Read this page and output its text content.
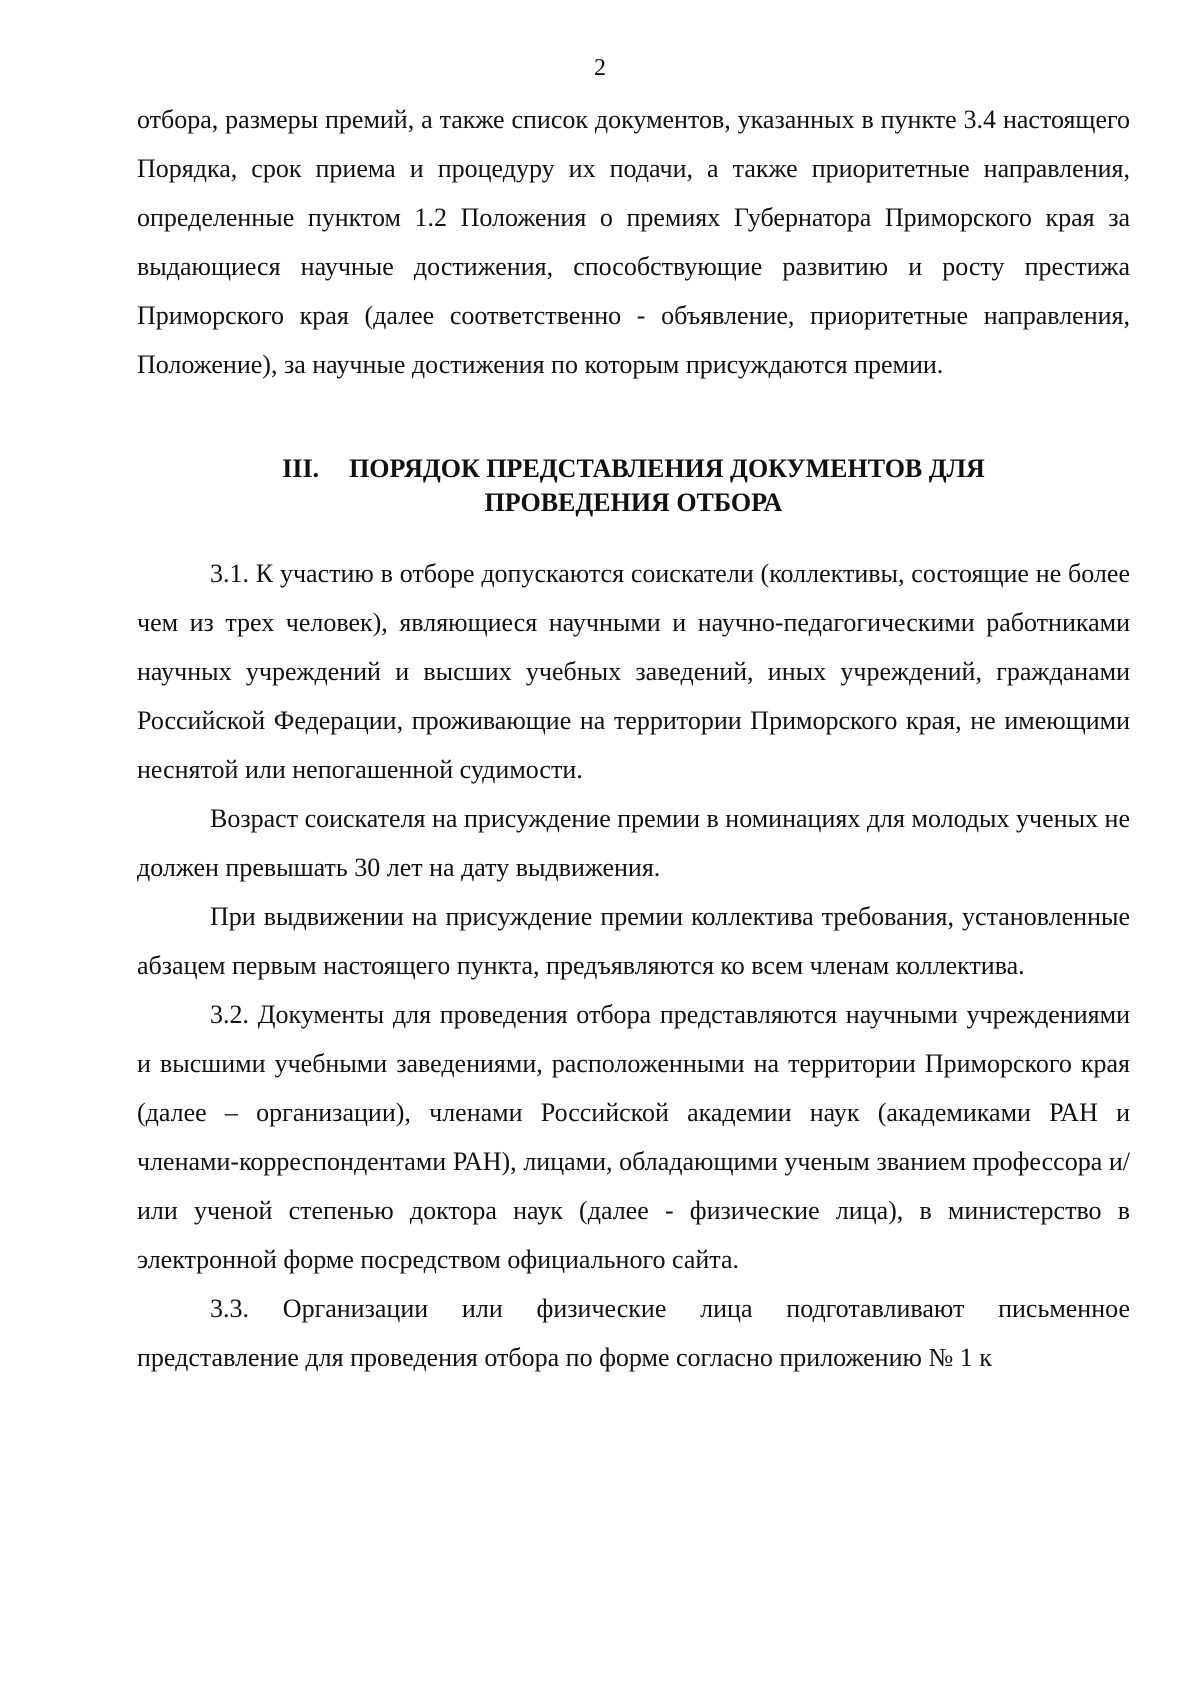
2

отбора, размеры премий, а также список документов, указанных в пункте 3.4 настоящего Порядка, срок приема и процедуру их подачи, а также приоритетные направления, определенные пунктом 1.2 Положения о премиях Губернатора Приморского края за выдающиеся научные достижения, способствующие развитию и росту престижа Приморского края (далее соответственно - объявление, приоритетные направления, Положение), за научные достижения по которым присуждаются премии.

III. ПОРЯДОК ПРЕДСТАВЛЕНИЯ ДОКУМЕНТОВ ДЛЯ
ПРОВЕДЕНИЯ ОТБОРА

3.1. К участию в отборе допускаются соискатели (коллективы, состоящие не более чем из трех человек), являющиеся научными и научно-педагогическими работниками научных учреждений и высших учебных заведений, иных учреждений, гражданами Российской Федерации, проживающие на территории Приморского края, не имеющими неснятой или непогашенной судимости.

Возраст соискателя на присуждение премии в номинациях для молодых ученых не должен превышать 30 лет на дату выдвижения.

При выдвижении на присуждение премии коллектива требования, установленные абзацем первым настоящего пункта, предъявляются ко всем членам коллектива.

3.2. Документы для проведения отбора представляются научными учреждениями и высшими учебными заведениями, расположенными на территории Приморского края (далее – организации), членами Российской академии наук (академиками РАН и членами-корреспондентами РАН), лицами, обладающими ученым званием профессора и/или ученой степенью доктора наук (далее - физические лица), в министерство в электронной форме посредством официального сайта.

3.3. Организации или физические лица подготавливают письменное представление для проведения отбора по форме согласно приложению № 1 к
